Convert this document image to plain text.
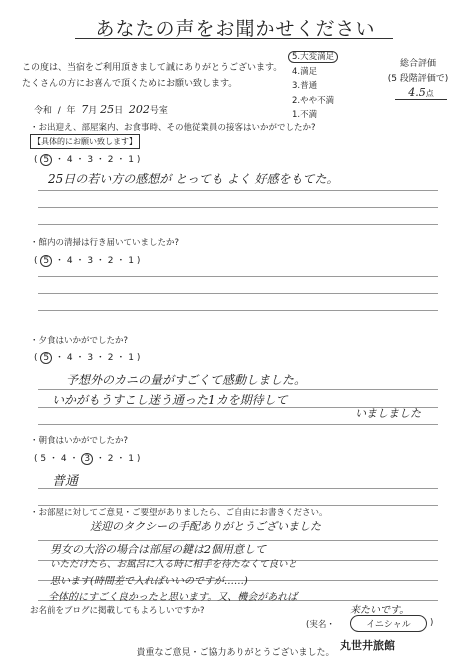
あなたの声をお聞かせください
この度は、当宿をご利用頂きまして誠にありがとうございます。
たくさんの方にお喜んで頂くためにお願い致します。
5.大変満足
4.満足
3.普通
2.やや不満
1.不満
総合評価
(5 段階評価で)
4.5点
令和 / 年 7月 25日 202号室
・お出迎え、部屋案内、お食事時、その他従業員の接客はいかがでしたか?
【具体的にお願い致します】
( 5 ・ 4 ・ 3 ・ 2 ・ 1 )
25日の若い方の感想が とっても よく 好感をもてた。
・館内の清掃は行き届いていましたか?
( 5 ・ 4 ・ 3 ・ 2 ・ 1 )
・夕食はいかがでしたか?
( 5 ・ 4 ・ 3 ・ 2 ・ 1 )
予想外のカニの量がすごくて感動しました。
いかがもうすこし迷う通った1カを期待して
いましました
・朝食はいかがでしたか?
( 5 ・ 4 ・ 3 ・ 2 ・ 1 )
普通
・お部屋に対してご意見・ご要望がありましたら、ご自由にお書きください。
送迎のタクシーの手配ありがとうございました
男女の大浴の場合は部屋の鍵は2個用意して
いただけたら、お風呂に入る時に相手を待たなくて良いと
思います(時間差で入ればいいのですが……)
全体的にすごく良かったと思います。又、機会があれば
来たいです。
お名前をブログに掲載してもよろしいですか?
(実名・	イニシャル	)
丸世井旅館
貴重なご意見・ご協力ありがとうございました。
